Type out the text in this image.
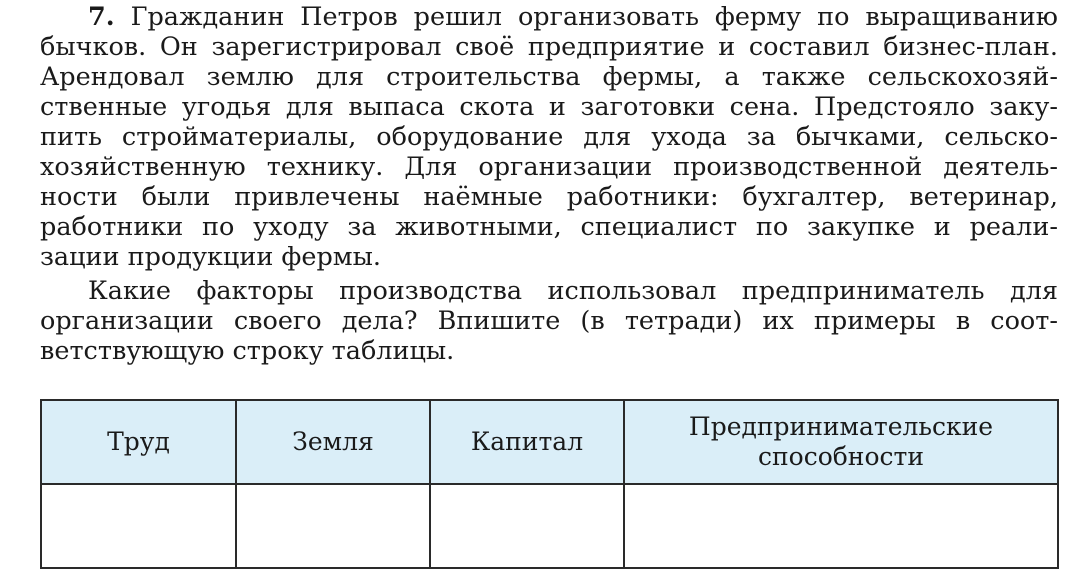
7. Гражданин Петров решил организовать ферму по выращиванию
бычков. Он зарегистрировал своё предприятие и составил бизнес-план.
Арендовал землю для строительства фермы, а также сельскохозяй-
ственные угодья для выпаса скота и заготовки сена. Предстояло заку-
пить стройматериалы, оборудование для ухода за бычками, сельско-
хозяйственную технику. Для организации производственной деятель-
ности были привлечены наёмные работники: бухгалтер, ветеринар,
работники по уходу за животными, специалист по закупке и реали-
зации продукции фермы.
Какие факторы производства использовал предприниматель для
организации своего дела? Впишите (в тетради) их примеры в соот-
ветствующую строку таблицы.
Труд	Земля	Капитал	Предпринимательские способности
